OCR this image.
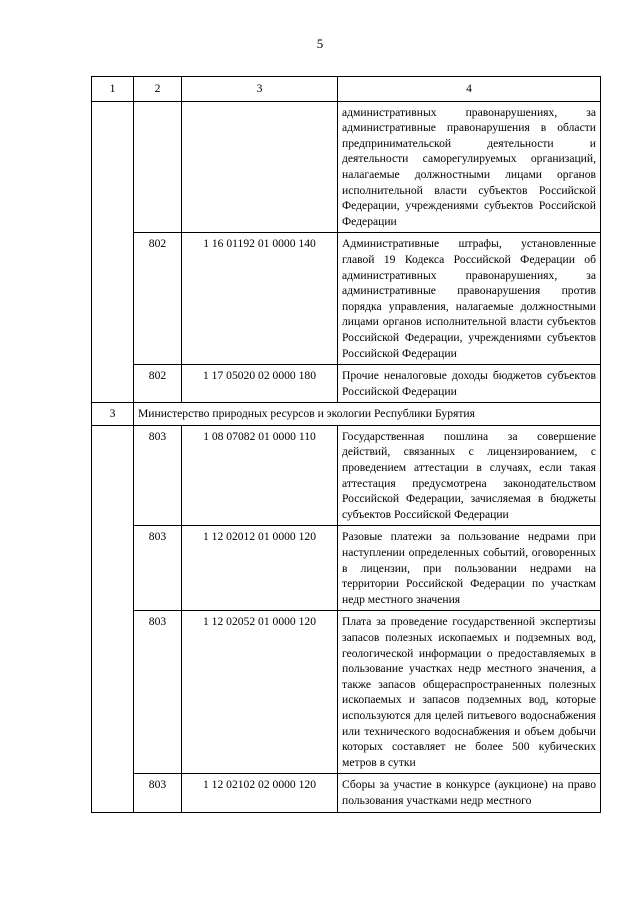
5
1	2	3	4
			административных правонарушениях, за административные правонарушения в области предпринимательской деятельности и деятельности саморегулируемых организаций, налагаемые должностными лицами органов исполнительной власти субъектов Российской Федерации, учреждениями субъектов Российской Федерации
	802	1 16 01192 01 0000 140	Административные штрафы, установленные главой 19 Кодекса Российской Федерации об административных правонарушениях, за административные правонарушения против порядка управления, налагаемые должностными лицами органов исполнительной власти субъектов Российской Федерации, учреждениями субъектов Российской Федерации
	802	1 17 05020 02 0000 180	Прочие неналоговые доходы бюджетов субъектов Российской Федерации
3	Министерство природных ресурсов и экологии Республики Бурятия		
	803	1 08 07082 01 0000 110	Государственная пошлина за совершение действий, связанных с лицензированием, с проведением аттестации в случаях, если такая аттестация предусмотрена законодательством Российской Федерации, зачисляемая в бюджеты субъектов Российской Федерации
	803	1 12 02012 01 0000 120	Разовые платежи за пользование недрами при наступлении определенных событий, оговоренных в лицензии, при пользовании недрами на территории Российской Федерации по участкам недр местного значения
	803	1 12 02052 01 0000 120	Плата за проведение государственной экспертизы запасов полезных ископаемых и подземных вод, геологической информации о предоставляемых в пользование участках недр местного значения, а также запасов общераспространенных полезных ископаемых и запасов подземных вод, которые используются для целей питьевого водоснабжения или технического водоснабжения и объем добычи которых составляет не более 500 кубических метров в сутки
	803	1 12 02102 02 0000 120	Сборы за участие в конкурсе (аукционе) на право пользования участками недр местного
